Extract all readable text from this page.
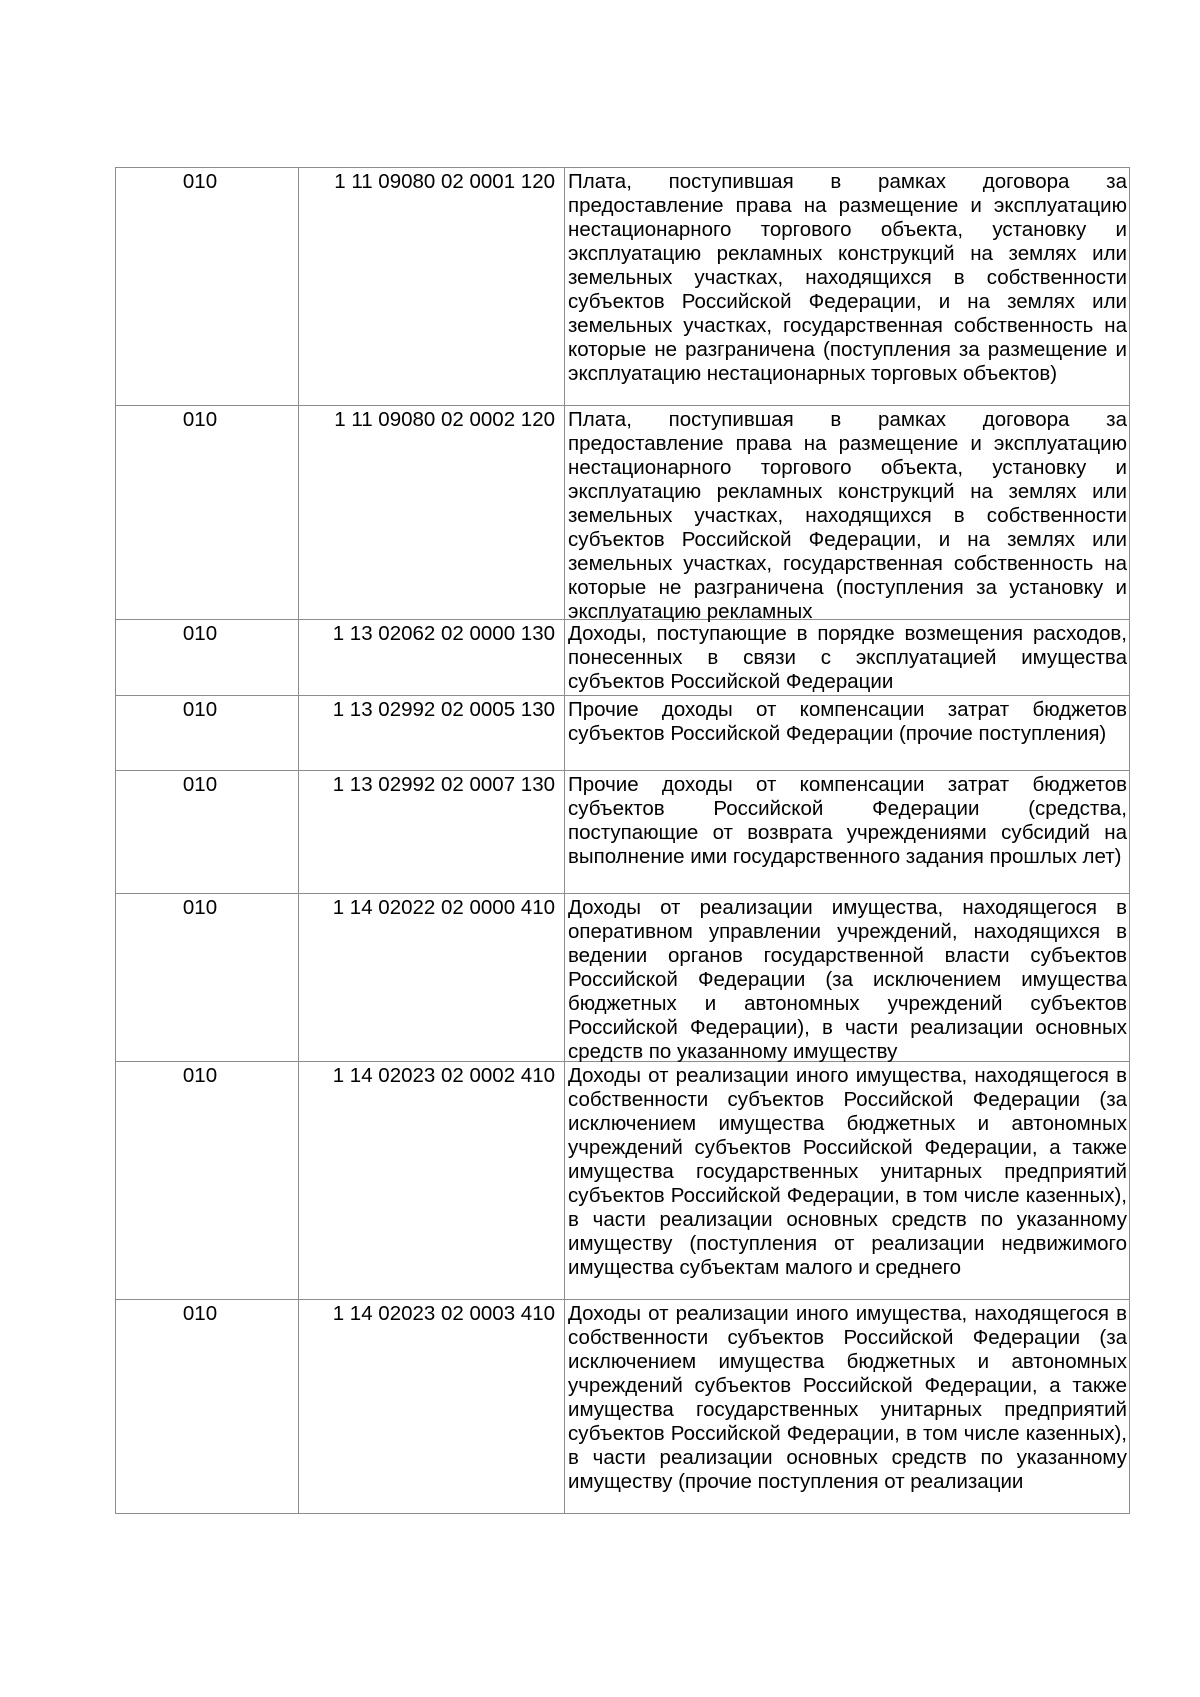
010	1 11 09080 02 0001 120	Плата, поступившая в рамках договора за предоставление права на размещение и эксплуатацию нестационарного торгового объекта, установку и эксплуатацию рекламных конструкций на землях или земельных участках, находящихся в собственности субъектов Российской Федерации, и на землях или земельных участках, государственная собственность на которые не разграничена (поступления за размещение и эксплуатацию нестационарных торговых объектов)

010	1 11 09080 02 0002 120	Плата, поступившая в рамках договора за предоставление права на размещение и эксплуатацию нестационарного торгового объекта, установку и эксплуатацию рекламных конструкций на землях или земельных участках, находящихся в собственности субъектов Российской Федерации, и на землях или земельных участках, государственная собственность на которые не разграничена (поступления за установку и эксплуатацию рекламных

010	1 13 02062 02 0000 130	Доходы, поступающие в порядке возмещения расходов, понесенных в связи с эксплуатацией имущества субъектов Российской Федерации

010	1 13 02992 02 0005 130	Прочие доходы от компенсации затрат бюджетов субъектов Российской Федерации (прочие поступления)

010	1 13 02992 02 0007 130	Прочие доходы от компенсации затрат бюджетов субъектов Российской Федерации (средства, поступающие от возврата учреждениями субсидий на выполнение ими государственного задания прошлых лет)

010	1 14 02022 02 0000 410	Доходы от реализации имущества, находящегося в оперативном управлении учреждений, находящихся в ведении органов государственной власти субъектов Российской Федерации (за исключением имущества бюджетных и автономных учреждений субъектов Российской Федерации), в части реализации основных средств по указанному имуществу

010	1 14 02023 02 0002 410	Доходы от реализации иного имущества, находящегося в собственности субъектов Российской Федерации (за исключением имущества бюджетных и автономных учреждений субъектов Российской Федерации, а также имущества государственных унитарных предприятий субъектов Российской Федерации, в том числе казенных), в части реализации основных средств по указанному имуществу (поступления от реализации недвижимого имущества субъектам малого и среднего

010	1 14 02023 02 0003 410	Доходы от реализации иного имущества, находящегося в собственности субъектов Российской Федерации (за исключением имущества бюджетных и автономных учреждений субъектов Российской Федерации, а также имущества государственных унитарных предприятий субъектов Российской Федерации, в том числе казенных), в части реализации основных средств по указанному имуществу (прочие поступления от реализации
